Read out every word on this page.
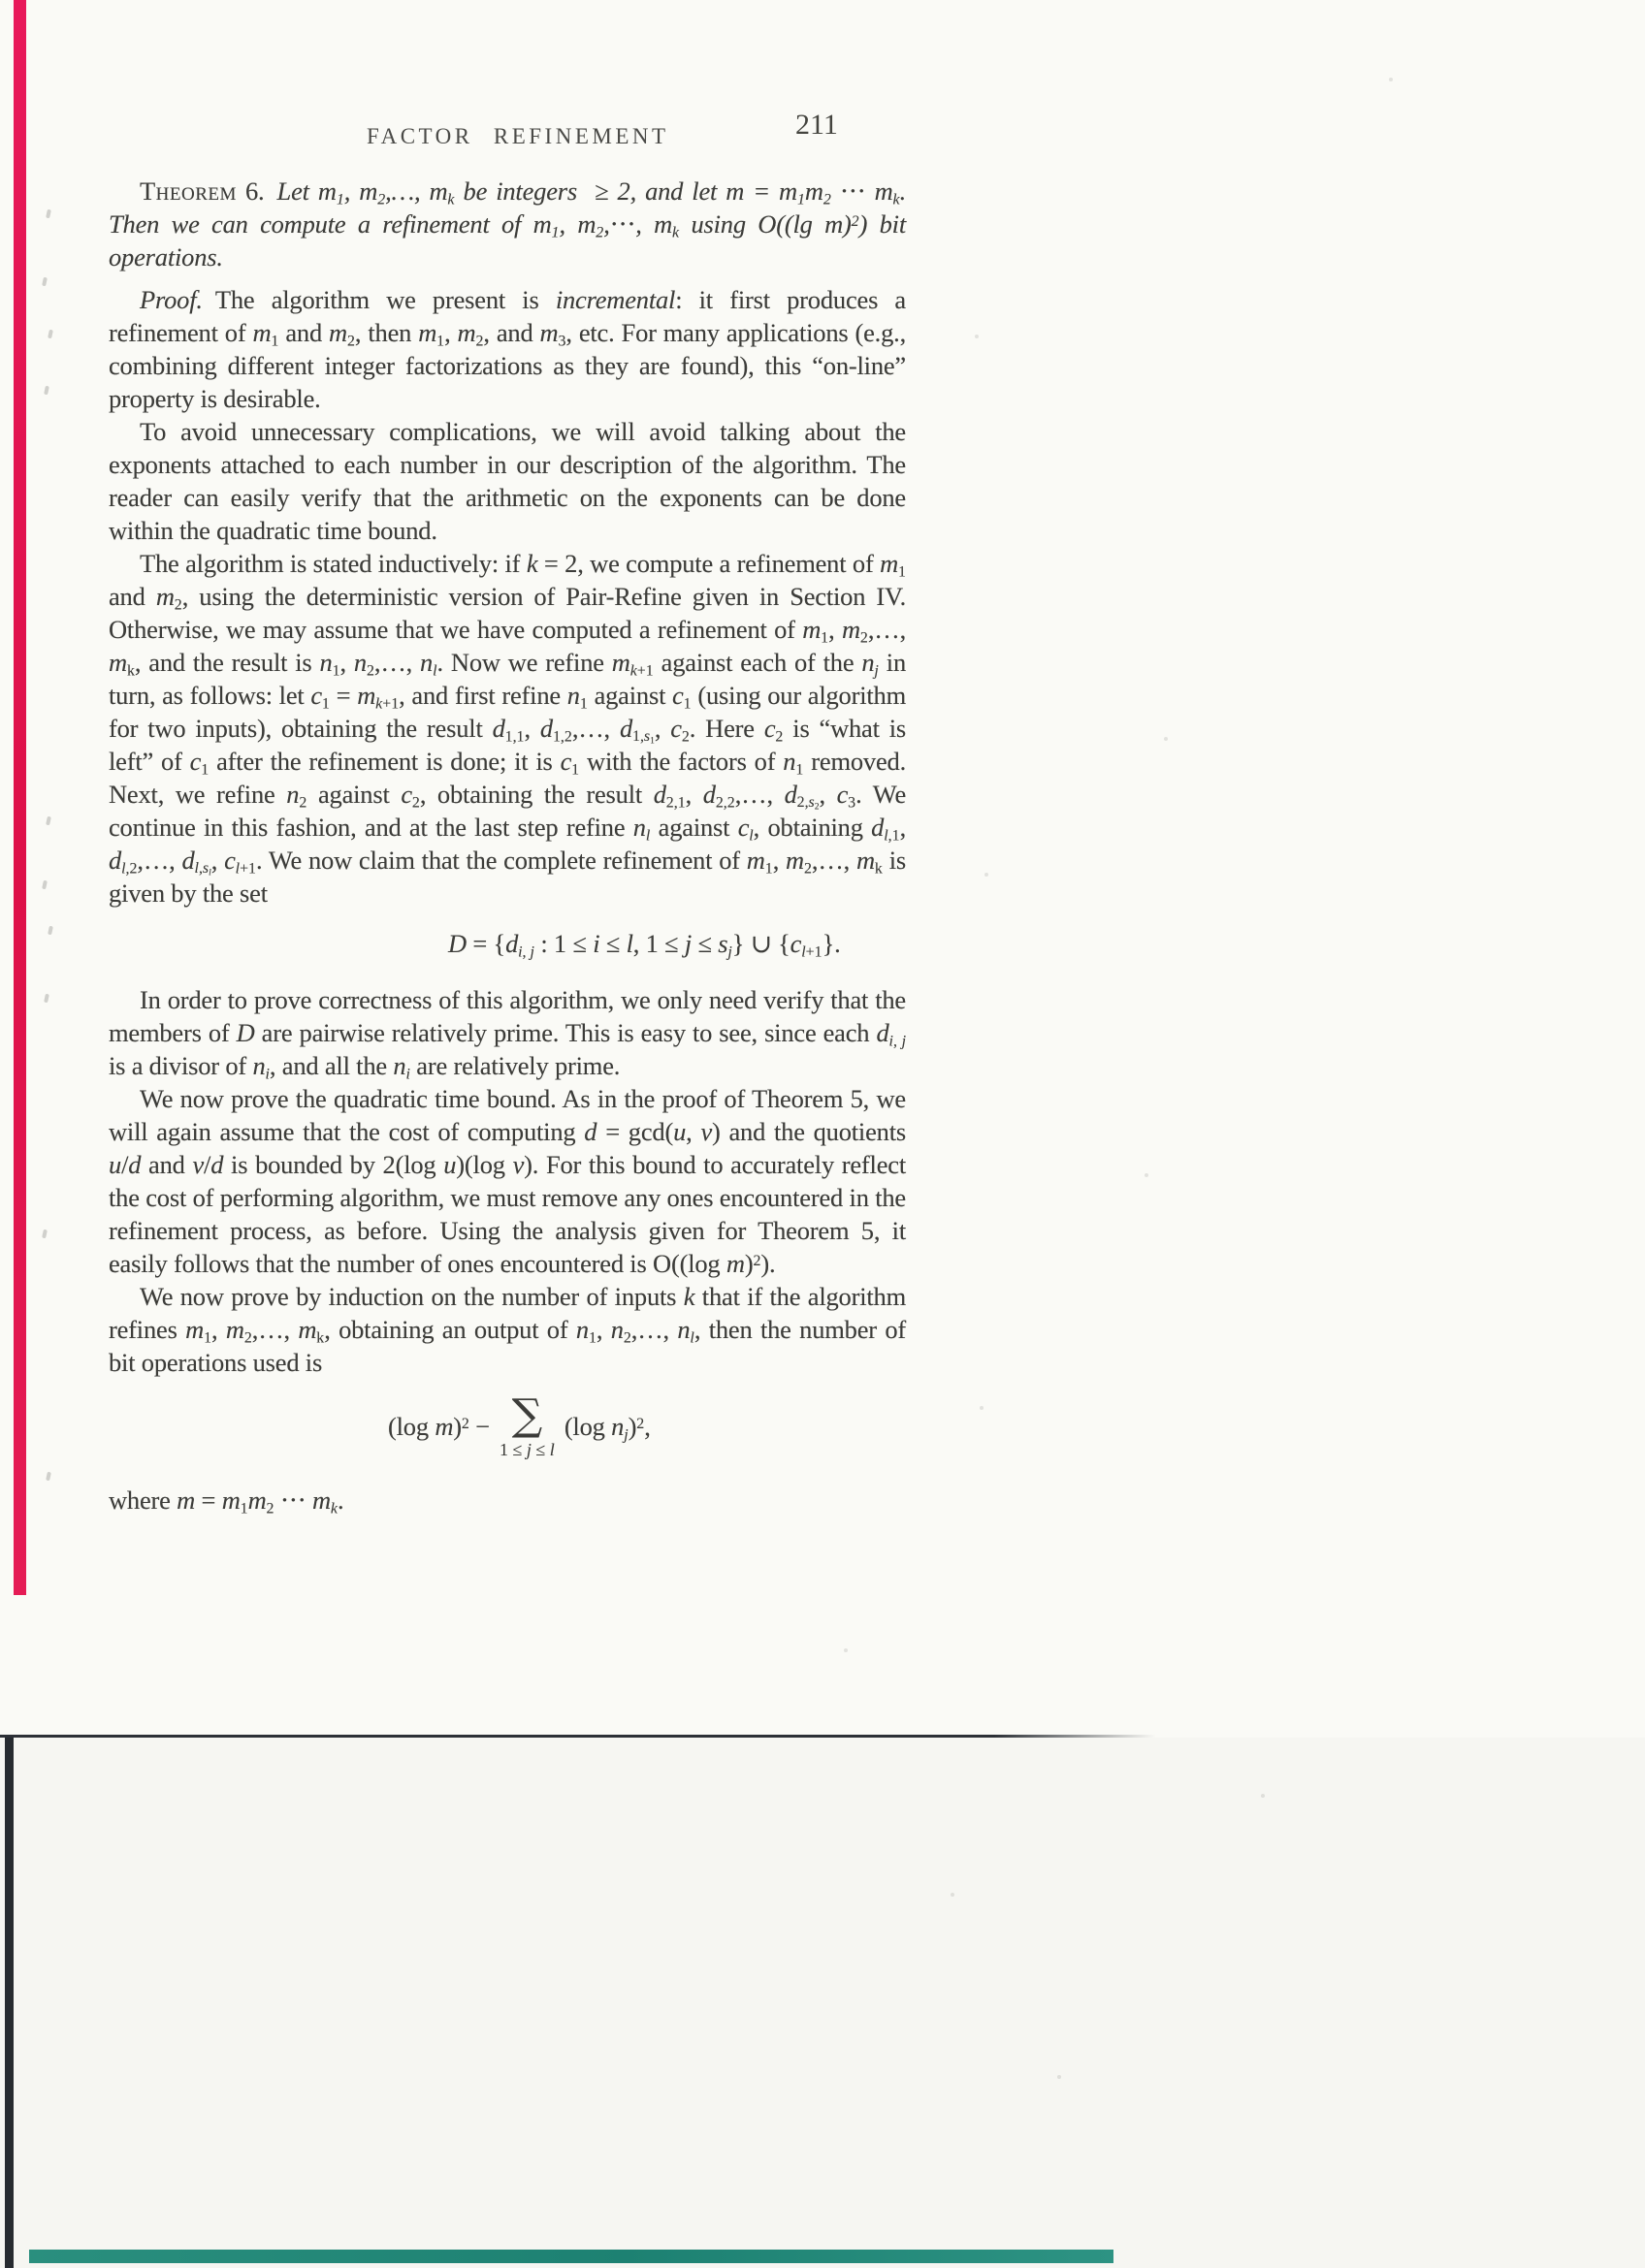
FACTOR REFINEMENT	211

Theorem 6. Let $m_1$, $m_2,\dots$, $m_k$ be integers  ≥ 2, and let $m = m_1m_2$ ⋅⋅⋅ $m_k$. Then we can compute a refinement of $m_1$, $m_2,\cdot\cdot\cdot$, $m_k$ using O((lg m)$^2$) bit operations.

Proof. The algorithm we present is incremental: it first produces a refinement of $m_1$ and $m_2$, then $m_1$, $m_2$, and $m_3$, etc. For many applications (e.g., combining different integer factorizations as they are found), this “on-line” property is desirable.

To avoid unnecessary complications, we will avoid talking about the exponents attached to each number in our description of the algorithm. The reader can easily verify that the arithmetic on the exponents can be done within the quadratic time bound.

The algorithm is stated inductively: if k = 2, we compute a refinement of $m_1$ and $m_2$, using the deterministic version of Pair-Refine given in Section IV. Otherwise, we may assume that we have computed a refinement of $m_1$, $m_2,\dots$, $m_k$, and the result is $n_1$, $n_2,\dots$, $n_l$. Now we refine $m_{k+1}$ against each of the $n_j$ in turn, as follows: let $c_1 = m_{k+1}$, and first refine $n_1$ against $c_1$ (using our algorithm for two inputs), obtaining the result $d_{1,1}$, $d_{1,2},\dots$, $d_{1,s_1}$, $c_2$. Here $c_2$ is “what is left” of $c_1$ after the refinement is done; it is $c_1$ with the factors of $n_1$ removed. Next, we refine $n_2$ against $c_2$, obtaining the result $d_{2,1}$, $d_{2,2},\dots$, $d_{2,s_2}$, $c_3$. We continue in this fashion, and at the last step refine $n_l$ against $c_l$, obtaining $d_{l,1}$, $d_{l,2},\dots$, $d_{l,s_l}$, $c_{l+1}$. We now claim that the complete refinement of $m_1$, $m_2,\dots$, $m_k$ is given by the set

$D = \{d_{i, j}$ : 1 ≤ i ≤ l, $1 \le j \le s_j$} ∪ $\{c_{l+1}\}$.

In order to prove correctness of this algorithm, we only need verify that the members of D are pairwise relatively prime. This is easy to see, since each $d_{i, j}$ is a divisor of $n_i$, and all the $n_i$ are relatively prime.

We now prove the quadratic time bound. As in the proof of Theorem 5, we will again assume that the cost of computing d = gcd(u, v) and the quotients u/d and v/d is bounded by 2(log u)(log v). For this bound to accurately reflect the cost of performing algorithm, we must remove any ones encountered in the refinement process, as before. Using the analysis given for Theorem 5, it easily follows that the number of ones encountered is O((log m)$^2$).

We now prove by induction on the number of inputs k that if the algorithm refines $m_1$, $m_2,\dots$, $m_k$, obtaining an output of $n_1$, $n_2,\dots$, $n_l$, then the number of bit operations used is

(log m)$^2$ − ∑
1 ≤ j ≤ l
(log $n_j)^2$,

where $m = m_1m_2$ ⋅⋅⋅ $m_k$.
